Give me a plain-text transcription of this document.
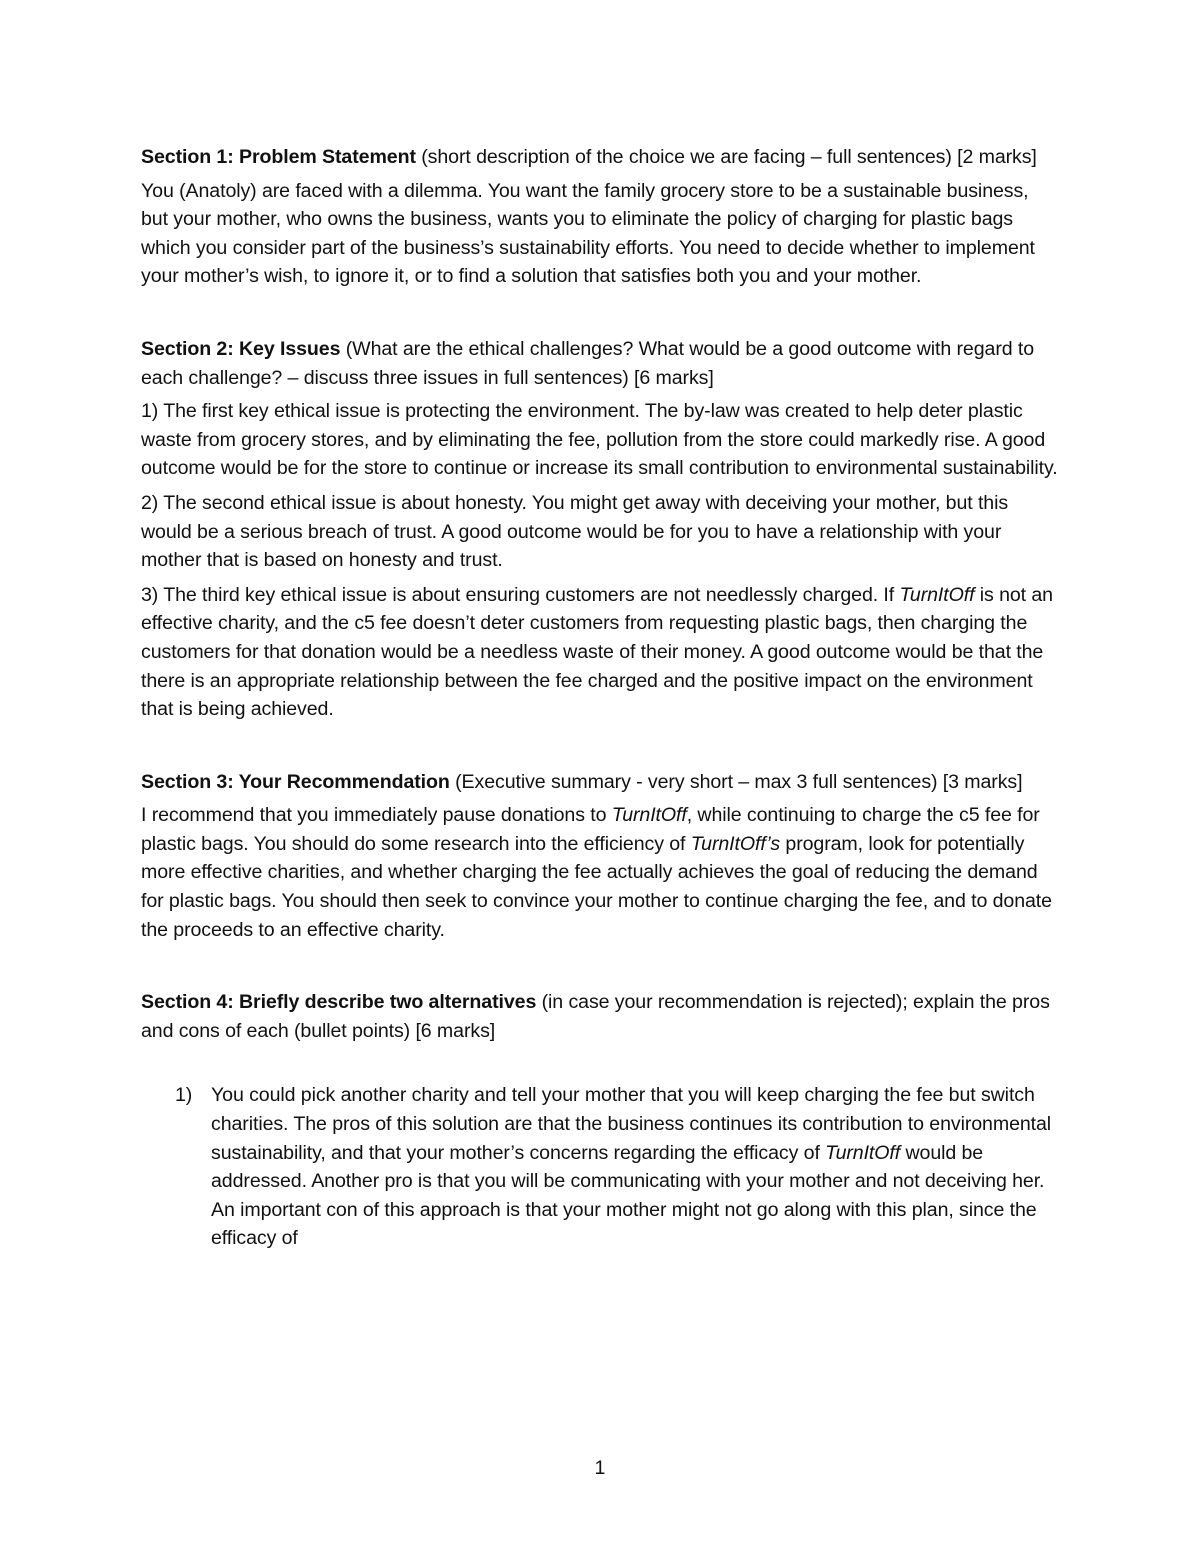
Section 1: Problem Statement (short description of the choice we are facing – full sentences) [2 marks]

You (Anatoly) are faced with a dilemma. You want the family grocery store to be a sustainable business, but your mother, who owns the business, wants you to eliminate the policy of charging for plastic bags which you consider part of the business’s sustainability efforts. You need to decide whether to implement your mother’s wish, to ignore it, or to find a solution that satisfies both you and your mother.

Section 2: Key Issues (What are the ethical challenges? What would be a good outcome with regard to each challenge? – discuss three issues in full sentences) [6 marks]

1) The first key ethical issue is protecting the environment. The by-law was created to help deter plastic waste from grocery stores, and by eliminating the fee, pollution from the store could markedly rise. A good outcome would be for the store to continue or increase its small contribution to environmental sustainability.

2) The second ethical issue is about honesty. You might get away with deceiving your mother, but this would be a serious breach of trust. A good outcome would be for you to have a relationship with your mother that is based on honesty and trust.

3) The third key ethical issue is about ensuring customers are not needlessly charged. If TurnItOff is not an effective charity, and the c5 fee doesn’t deter customers from requesting plastic bags, then charging the customers for that donation would be a needless waste of their money. A good outcome would be that the there is an appropriate relationship between the fee charged and the positive impact on the environment that is being achieved.

Section 3: Your Recommendation (Executive summary - very short – max 3 full sentences) [3 marks]

I recommend that you immediately pause donations to TurnItOff, while continuing to charge the c5 fee for plastic bags. You should do some research into the efficiency of TurnItOff’s program, look for potentially more effective charities, and whether charging the fee actually achieves the goal of reducing the demand for plastic bags. You should then seek to convince your mother to continue charging the fee, and to donate the proceeds to an effective charity.

Section 4: Briefly describe two alternatives (in case your recommendation is rejected); explain the pros and cons of each (bullet points) [6 marks]

1) You could pick another charity and tell your mother that you will keep charging the fee but switch charities. The pros of this solution are that the business continues its contribution to environmental sustainability, and that your mother’s concerns regarding the efficacy of TurnItOff would be addressed. Another pro is that you will be communicating with your mother and not deceiving her. An important con of this approach is that your mother might not go along with this plan, since the efficacy of
1
